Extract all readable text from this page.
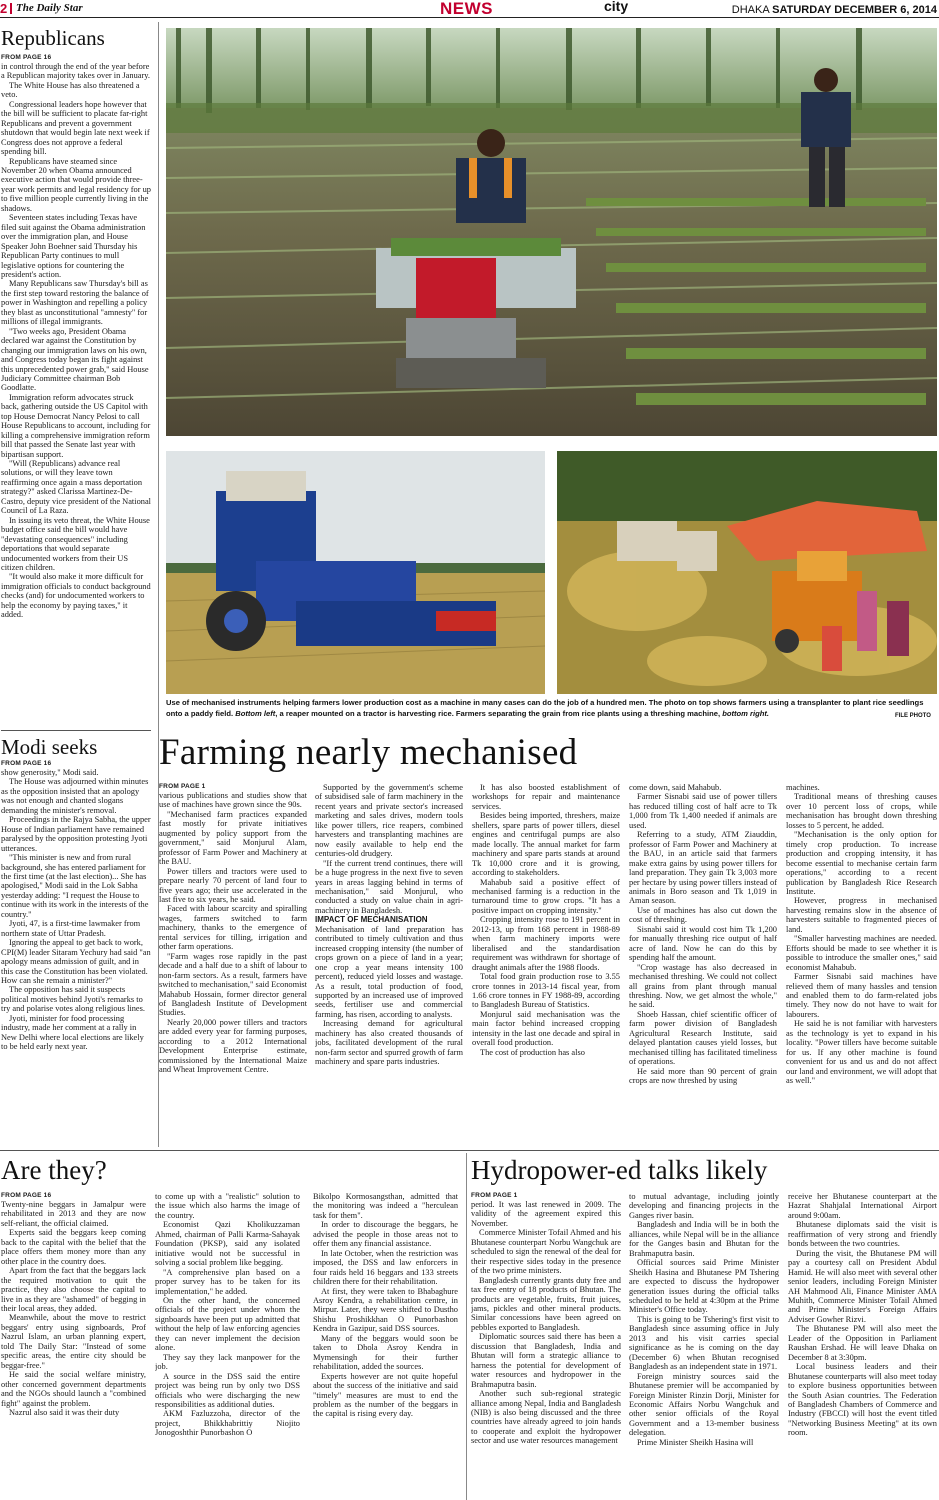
2 The Daily Star	NEWS	city	DHAKA SATURDAY DECEMBER 6, 2014
Republicans
FROM PAGE 16

in control through the end of the year before a Republican majority takes over in January.

The White House has also threatened a veto.

Congressional leaders hope however that the bill will be sufficient to placate far-right Republicans and prevent a government shutdown that would begin late next week if Congress does not approve a federal spending bill.

Republicans have steamed since November 20 when Obama announced executive action that would provide three-year work permits and legal residency for up to five million people currently living in the shadows.

Seventeen states including Texas have filed suit against the Obama administration over the immigration plan, and House Speaker John Boehner said Thursday his Republican Party continues to mull legislative options for countering the president's action.

Many Republicans saw Thursday's bill as the first step toward restoring the balance of power in Washington and repelling a policy they blast as unconstitutional "amnesty" for millions of illegal immigrants.

"Two weeks ago, President Obama declared war against the Constitution by changing our immigration laws on his own, and Congress today began its fight against this unprecedented power grab," said House Judiciary Committee chairman Bob Goodlatte.

Immigration reform advocates struck back, gathering outside the US Capitol with top House Democrat Nancy Pelosi to call House Republicans to account, including for killing a comprehensive immigration reform bill that passed the Senate last year with bipartisan support.

"Will (Republicans) advance real solutions, or will they leave town reaffirming once again a mass deportation strategy?" asked Clarissa Martinez-De-Castro, deputy vice president of the National Council of La Raza.

In issuing its veto threat, the White House budget office said the bill would have "devastating consequences" including deportations that would separate undocumented workers from their US citizen children.

"It would also make it more difficult for immigration officials to conduct background checks (and) for undocumented workers to help the economy by paying taxes," it added.

Modi seeks
FROM PAGE 16

show generosity," Modi said.

The House was adjourned within minutes as the opposition insisted that an apology was not enough and chanted slogans demanding the minister's removal.

Proceedings in the Rajya Sabha, the upper House of Indian parliament have remained paralysed by the opposition protesting Jyoti utterances.

"This minister is new and from rural background, she has entered parliament for the first time (at the last election)... She has apologised," Modi said in the Lok Sabha yesterday adding: "I request the House to continue with its work in the interests of the country."

Jyoti, 47, is a first-time lawmaker from northern state of Uttar Pradesh.

Ignoring the appeal to get back to work, CPI(M) leader Sitaram Yechury had said "an apology means admission of guilt, and in this case the Constitution has been violated. How can she remain a minister?"

The opposition has said it suspects political motives behind Jyoti's remarks to try and polarise votes along religious lines.

Jyoti, minister for food processing industry, made her comment at a rally in New Delhi where local elections are likely to be held early next year.

Use of mechanised instruments helping farmers lower production cost as a machine in many cases can do the job of a hundred men. The photo on top shows farmers using a transplanter to plant rice seedlings onto a paddy field. Bottom left, a reaper mounted on a tractor is harvesting rice. Farmers separating the grain from rice plants using a threshing machine, bottom right.	FILE PHOTO
Farming nearly mechanised
FROM PAGE 1

various publications and studies show that use of machines have grown since the 90s.

"Mechanised farm practices expanded fast mostly for private initiatives augmented by policy support from the government," said Monjurul Alam, professor of Farm Power and Machinery at the BAU.

Power tillers and tractors were used to prepare nearly 70 percent of land four to five years ago; their use accelerated in the last five to six years, he said.

Faced with labour scarcity and spiralling wages, farmers switched to farm machinery, thanks to the emergence of rental services for tilling, irrigation and other farm operations.

"Farm wages rose rapidly in the past decade and a half due to a shift of labour to non-farm sectors. As a result, farmers have switched to mechanisation," said Economist Mahabub Hossain, former director general of Bangladesh Institute of Development Studies.

Nearly 20,000 power tillers and tractors are added every year for farming purposes, according to a 2012 International Development Enterprise estimate, commissioned by the International Maize and Wheat Improvement Centre.

Supported by the government's scheme of subsidised sale of farm machinery in the recent years and private sector's increased marketing and sales drives, modern tools like power tillers, rice reapers, combined harvesters and transplanting machines are now easily available to help end the centuries-old drudgery.

"If the current trend continues, there will be a huge progress in the next five to seven years in areas lagging behind in terms of mechanisation," said Monjurul, who conducted a study on value chain in agri-machinery in Bangladesh.

IMPACT OF MECHANISATION

Mechanisation of land preparation has contributed to timely cultivation and thus increased cropping intensity (the number of crops grown on a piece of land in a year; one crop a year means intensity 100 percent), reduced yield losses and wastage. As a result, total production of food, supported by an increased use of improved seeds, fertiliser use and commercial farming, has risen, according to analysts.

Increasing demand for agricultural machinery has also created thousands of jobs, facilitated development of the rural non-farm sector and spurred growth of farm machinery and spare parts industries.

It has also boosted establishment of workshops for repair and maintenance services.

Besides being imported, threshers, maize shellers, spare parts of power tillers, diesel engines and centrifugal pumps are also made locally. The annual market for farm machinery and spare parts stands at around Tk 10,000 crore and it is growing, according to stakeholders.

Mahabub said a positive effect of mechanised farming is a reduction in the turnaround time to grow crops. "It has a positive impact on cropping intensity."

Cropping intensity rose to 191 percent in 2012-13, up from 168 percent in 1988-89 when farm machinery imports were liberalised and the standardisation requirement was withdrawn for shortage of draught animals after the 1988 floods.

Total food grain production rose to 3.55 crore tonnes in 2013-14 fiscal year, from 1.66 crore tonnes in FY 1988-89, according to Bangladesh Bureau of Statistics.

Monjurul said mechanisation was the main factor behind increased cropping intensity in the last one decade and spiral in overall food production.

The cost of production has also

come down, said Mahabub.

Farmer Sisnabi said use of power tillers has reduced tilling cost of half acre to Tk 1,000 from Tk 1,400 needed if animals are used.

Referring to a study, ATM Ziauddin, professor of Farm Power and Machinery at the BAU, in an article said that farmers make extra gains by using power tillers for land preparation. They gain Tk 3,003 more per hectare by using power tillers instead of animals in Boro season and Tk 1,019 in Aman season.

Use of machines has also cut down the cost of threshing.

Sisnabi said it would cost him Tk 1,200 for manually threshing rice output of half acre of land. Now he can do this by spending half the amount.

"Crop wastage has also decreased in mechanised threshing. We could not collect all grains from plant through manual threshing. Now, we get almost the whole," he said.

Shoeb Hassan, chief scientific officer of farm power division of Bangladesh Agricultural Research Institute, said delayed plantation causes yield losses, but mechanised tilling has facilitated timeliness of operations.

He said more than 90 percent of grain crops are now threshed by using

machines.

Traditional means of threshing causes over 10 percent loss of crops, while mechanisation has brought down threshing losses to 5 percent, he added.

"Mechanisation is the only option for timely crop production. To increase production and cropping intensity, it has become essential to mechanise certain farm operations," according to a recent publication by Bangladesh Rice Research Institute.

However, progress in mechanised harvesting remains slow in the absence of harvesters suitable to fragmented pieces of land.

"Smaller harvesting machines are needed. Efforts should be made to see whether it is possible to introduce the smaller ones," said economist Mahabub.

Farmer Sisnabi said machines have relieved them of many hassles and tension and enabled them to do farm-related jobs timely. They now do not have to wait for labourers.

He said he is not familiar with harvesters as the technology is yet to expand in his locality. "Power tillers have become suitable for us. If any other machine is found convenient for us and us and do not affect our land and environment, we will adopt that as well."

Are they?
FROM PAGE 16

Twenty-nine beggars in Jamalpur were rehabilitated in 2013 and they are now self-reliant, the official claimed.

Experts said the beggars keep coming back to the capital with the belief that the place offers them money more than any other place in the country does.

Apart from the fact that the beggars lack the required motivation to quit the practice, they also choose the capital to live in as they are "ashamed" of begging in their local areas, they added.

Meanwhile, about the move to restrict beggars' entry using signboards, Prof Nazrul Islam, an urban planning expert, told The Daily Star: "Instead of some specific areas, the entire city should be beggar-free."

He said the social welfare ministry, other concerned government departments and the NGOs should launch a "combined fight" against the problem.

Nazrul also said it was their duty

to come up with a "realistic" solution to the issue which also harms the image of the country.

Economist Qazi Kholikuzzaman Ahmed, chairman of Palli Karma-Sahayak Foundation (PKSP), said any isolated initiative would not be successful in solving a social problem like begging.

"A comprehensive plan based on a proper survey has to be taken for its implementation," he added.

On the other hand, the concerned officials of the project under whom the signboards have been put up admitted that without the help of law enforcing agencies they can never implement the decision alone.

They say they lack manpower for the job.

A source in the DSS said the entire project was being run by only two DSS officials who were discharging the new responsibilities as additional duties.

AKM Fazluzzoha, director of the project, Bhikkhabrittiy Niojito Jonogoshthir Punorbashon O

Bikolpo Kormosangsthan, admitted that the monitoring was indeed a "herculean task for them".

In order to discourage the beggars, he advised the people in those areas not to offer them any financial assistance.

In late October, when the restriction was imposed, the DSS and law enforcers in four raids held 16 beggars and 133 streets children there for their rehabilitation.

At first, they were taken to Bhabaghure Asroy Kendra, a rehabilitation centre, in Mirpur. Later, they were shifted to Dustho Shishu Proshikkhan O Punorbashon Kendra in Gazipur, said DSS sources.

Many of the beggars would soon be taken to Dhola Asroy Kendra in Mymensingh for their further rehabilitation, added the sources.

Experts however are not quite hopeful about the success of the initiative and said "timely" measures are must to end the problem as the number of the beggars in the capital is rising every day.

Hydropower-ed talks likely
FROM PAGE 1

period. It was last renewed in 2009. The validity of the agreement expired this November.

Commerce Minister Tofail Ahmed and his Bhutanese counterpart Norbu Wangchuk are scheduled to sign the renewal of the deal for their respective sides today in the presence of the two prime ministers.

Bangladesh currently grants duty free and tax free entry of 18 products of Bhutan. The products are vegetable, fruits, fruit juices, jams, pickles and other mineral products. Similar concessions have been agreed on pebbles exported to Bangladesh.

Diplomatic sources said there has been a discussion that Bangladesh, India and Bhutan will form a strategic alliance to harness the potential for development of water resources and hydropower in the Brahmaputra basin.

Another such sub-regional strategic alliance among Nepal, India and Bangladesh (NIB) is also being discussed and the three countries have already agreed to join hands to cooperate and exploit the hydropower sector and use water resources management

to mutual advantage, including jointly developing and financing projects in the Ganges river basin.

Bangladesh and India will be in both the alliances, while Nepal will be in the alliance for the Ganges basin and Bhutan for the Brahmaputra basin.

Official sources said Prime Minister Sheikh Hasina and Bhutanese PM Tshering are expected to discuss the hydropower generation issues during the official talks scheduled to be held at 4:30pm at the Prime Minister's Office today.

This is going to be Tshering's first visit to Bangladesh since assuming office in July 2013 and his visit carries special significance as he is coming on the day (December 6) when Bhutan recognised Bangladesh as an independent state in 1971.

Foreign ministry sources said the Bhutanese premier will be accompanied by Foreign Minister Rinzin Dorji, Minister for Economic Affairs Norbu Wangchuk and other senior officials of the Royal Government and a 13-member business delegation.

Prime Minister Sheikh Hasina will

receive her Bhutanese counterpart at the Hazrat Shahjalal International Airport around 9:00am.

Bhutanese diplomats said the visit is reaffirmation of very strong and friendly bonds between the two countries.

During the visit, the Bhutanese PM will pay a courtesy call on President Abdul Hamid. He will also meet with several other senior leaders, including Foreign Minister AH Mahmood Ali, Finance Minister AMA Muhith, Commerce Minister Tofail Ahmed and Prime Minister's Foreign Affairs Adviser Gowher Rizvi.

The Bhutanese PM will also meet the Leader of the Opposition in Parliament Raushan Ershad. He will leave Dhaka on December 8 at 3:30pm.

Local business leaders and their Bhutanese counterparts will also meet today to explore business opportunities between the South Asian countries. The Federation of Bangladesh Chambers of Commerce and Industry (FBCCI) will host the event titled "Networking Business Meeting" at its own room.
